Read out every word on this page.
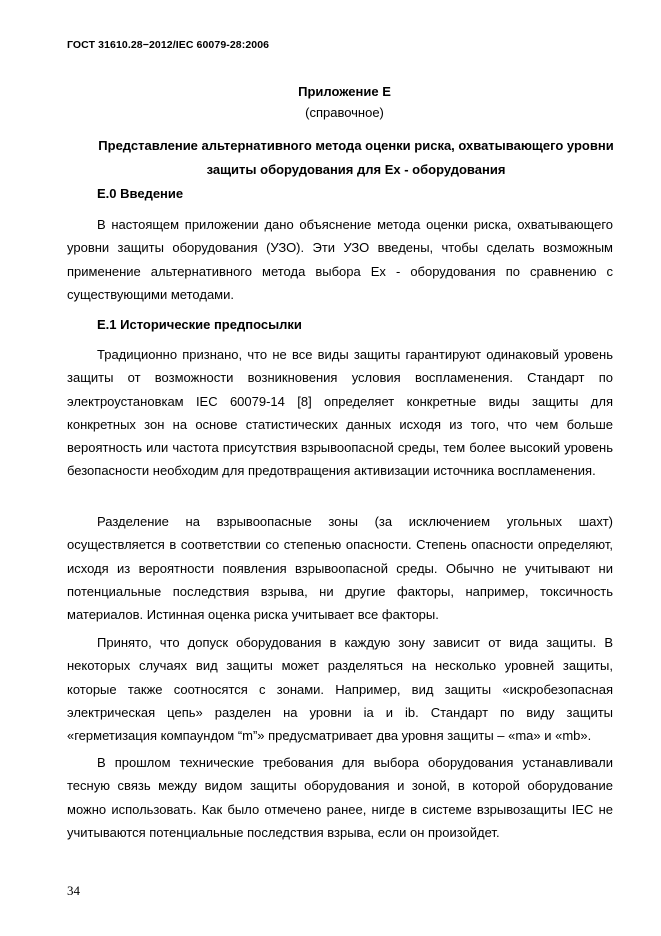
ГОСТ 31610.28−2012/IEC 60079-28:2006
Приложение Е
(справочное)
Представление альтернативного метода оценки риска, охватывающего уровни защиты оборудования для Ex - оборудования
Е.0 Введение

В настоящем приложении дано объяснение метода оценки риска, охватывающего уровни защиты оборудования (УЗО). Эти УЗО введены, чтобы сделать возможным применение альтернативного метода выбора Ex - оборудования по сравнению с существующими методами.

Е.1 Исторические предпосылки

Традиционно признано, что не все виды защиты гарантируют одинаковый уровень защиты от возможности возникновения условия воспламенения. Стандарт по электроустановкам IEC 60079-14 [8] определяет конкретные виды защиты для конкретных зон на основе статистических данных исходя из того, что чем больше вероятность или частота присутствия взрывоопасной среды, тем более высокий уровень безопасности необходим для предотвращения активизации источника воспламенения.

Разделение на взрывоопасные зоны (за исключением угольных шахт) осуществляется в соответствии со степенью опасности. Степень опасности определяют, исходя из вероятности появления взрывоопасной среды. Обычно не учитывают ни потенциальные последствия взрыва, ни другие факторы, например, токсичность материалов. Истинная оценка риска учитывает все факторы.

Принято, что допуск оборудования в каждую зону зависит от вида защиты. В некоторых случаях вид защиты может разделяться на несколько уровней защиты, которые также соотносятся с зонами. Например, вид защиты «искробезопасная электрическая цепь» разделен на уровни ia и ib. Стандарт по виду защиты «герметизация компаундом “m”» предусматривает два уровня защиты – «ma» и «mb».

В прошлом технические требования для выбора оборудования устанавливали тесную связь между видом защиты оборудования и зоной, в которой оборудование можно использовать. Как было отмечено ранее, нигде в системе взрывозащиты IEC не учитываются потенциальные последствия взрыва, если он произойдет.

34
